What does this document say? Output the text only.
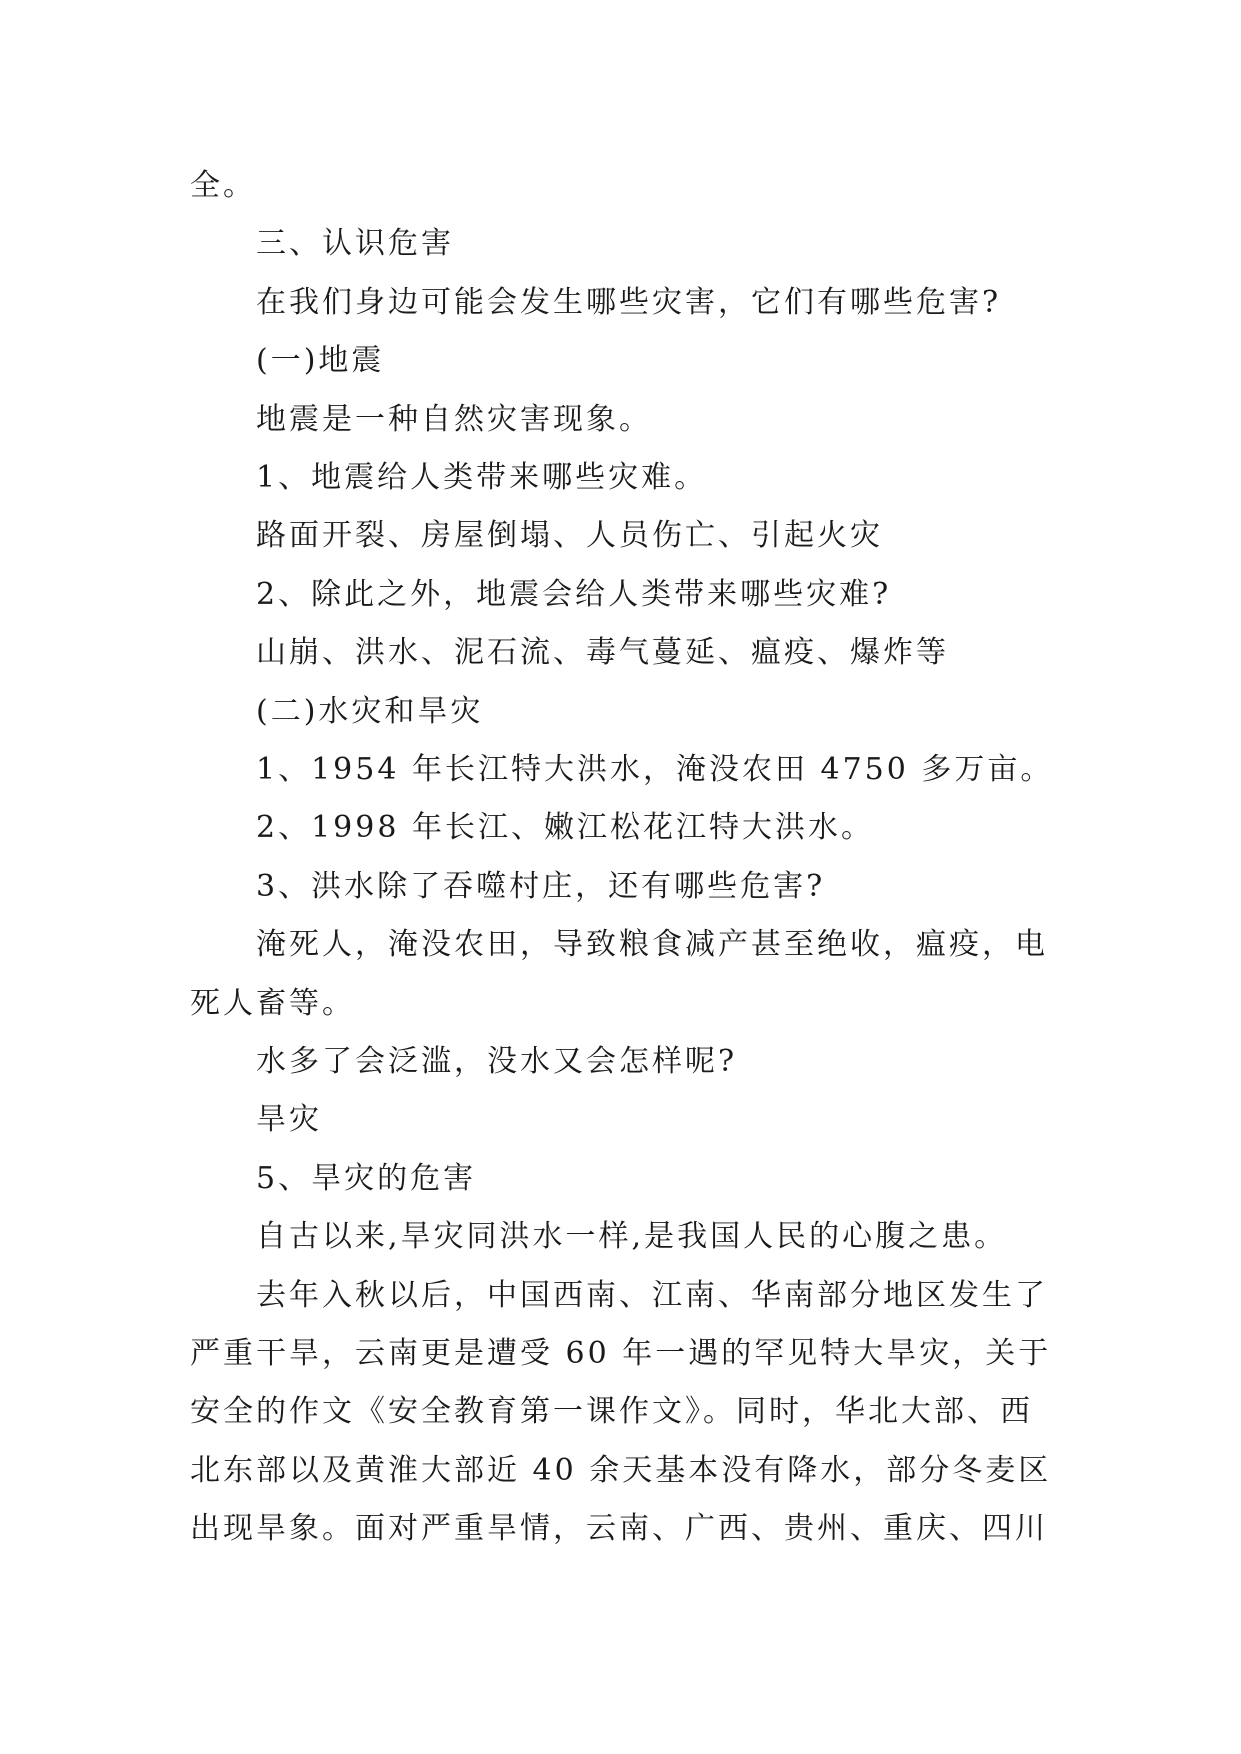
全。
三、认识危害
在我们身边可能会发生哪些灾害，它们有哪些危害?
(一)地震
地震是一种自然灾害现象。
1、地震给人类带来哪些灾难。
路面开裂、房屋倒塌、人员伤亡、引起火灾
2、除此之外，地震会给人类带来哪些灾难?
山崩、洪水、泥石流、毒气蔓延、瘟疫、爆炸等
(二)水灾和旱灾
1、1954 年长江特大洪水，淹没农田 4750 多万亩。
2、1998 年长江、嫩江松花江特大洪水。
3、洪水除了吞噬村庄，还有哪些危害?
淹死人，淹没农田，导致粮食减产甚至绝收，瘟疫，电
死人畜等。
水多了会泛滥，没水又会怎样呢?
旱灾
5、旱灾的危害
自古以来,旱灾同洪水一样,是我国人民的心腹之患。
去年入秋以后，中国西南、江南、华南部分地区发生了
严重干旱，云南更是遭受 60 年一遇的罕见特大旱灾，关于
安全的作文《安全教育第一课作文》。同时，华北大部、西
北东部以及黄淮大部近 40 余天基本没有降水，部分冬麦区
出现旱象。面对严重旱情，云南、广西、贵州、重庆、四川
